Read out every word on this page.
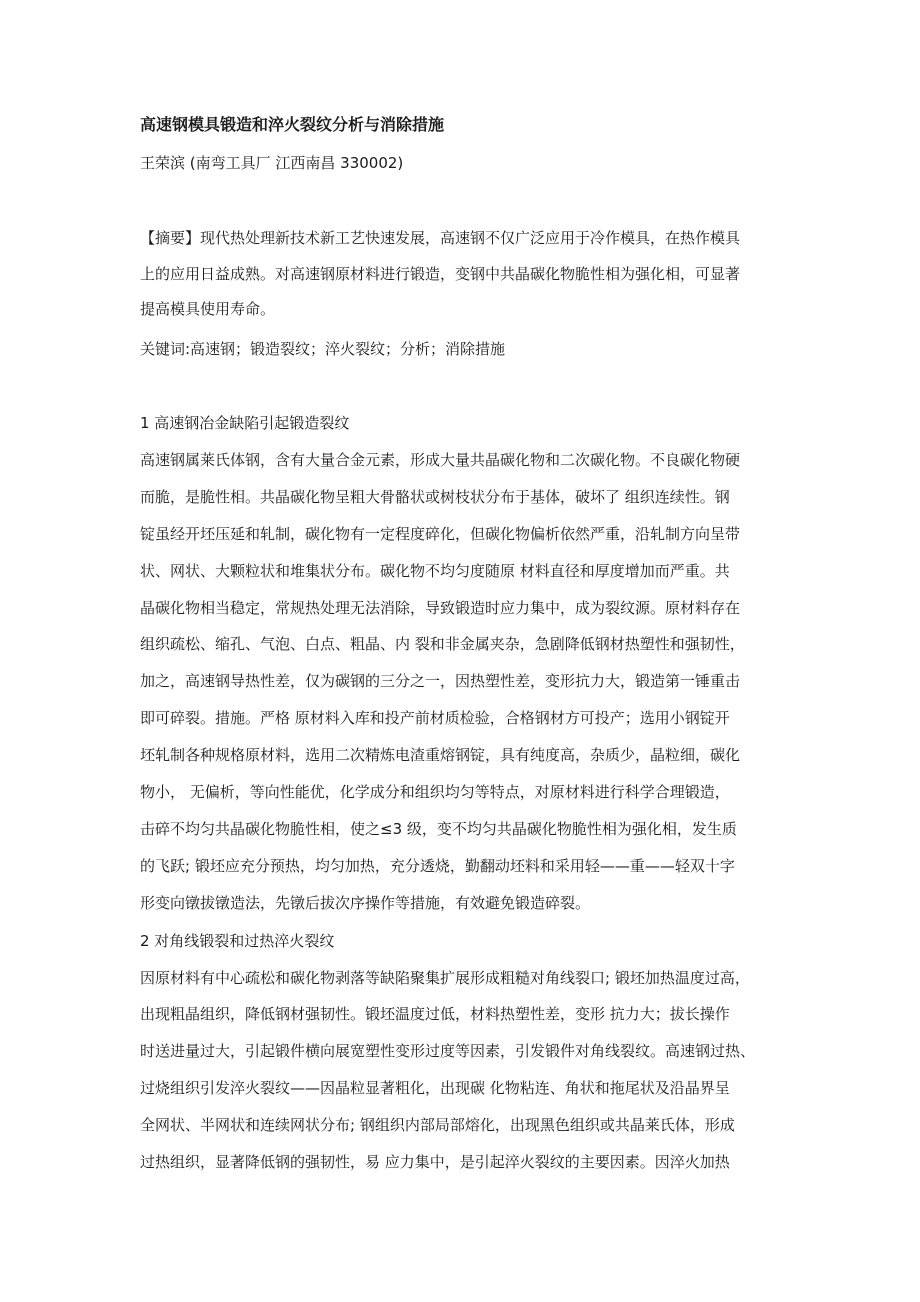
高速钢模具锻造和淬火裂纹分析与消除措施
王荣滨 (南弯工具厂 江西南昌 330002)
【摘要】现代热处理新技术新工艺快速发展，高速钢不仅广泛应用于冷作模具，在热作模具
上的应用日益成熟。对高速钢原材料进行锻造，变钢中共晶碳化物脆性相为强化相，可显著
提高模具使用寿命。
关键词:高速钢；锻造裂纹；淬火裂纹；分析；消除措施
1 高速钢冶金缺陷引起锻造裂纹
高速钢属莱氏体钢，含有大量合金元素，形成大量共晶碳化物和二次碳化物。不良碳化物硬
而脆，是脆性相。共晶碳化物呈粗大骨骼状或树枝状分布于基体，破坏了 组织连续性。钢
锭虽经开坯压延和轧制，碳化物有一定程度碎化，但碳化物偏析依然严重，沿轧制方向呈带
状、网状、大颗粒状和堆集状分布。碳化物不均匀度随原 材料直径和厚度增加而严重。共
晶碳化物相当稳定，常规热处理无法消除，导致锻造时应力集中，成为裂纹源。原材料存在
组织疏松、缩孔、气泡、白点、粗晶、内 裂和非金属夹杂，急剧降低钢材热塑性和强韧性，
加之，高速钢导热性差，仅为碳钢的三分之一，因热塑性差，变形抗力大，锻造第一锤重击
即可碎裂。措施。严格 原材料入库和投产前材质检验，合格钢材方可投产；选用小钢锭开
坯轧制各种规格原材料，选用二次精炼电渣重熔钢锭，具有纯度高，杂质少，晶粒细，碳化
物小， 无偏析，等向性能优，化学成分和组织均匀等特点，对原材料进行科学合理锻造，
击碎不均匀共晶碳化物脆性相，使之≤3 级，变不均匀共晶碳化物脆性相为强化相，发生质
的飞跃; 锻坯应充分预热，均匀加热，充分透烧，勤翻动坯料和采用轻——重——轻双十字
形变向镦拔镦造法，先镦后拔次序操作等措施，有效避免锻造碎裂。
2 对角线锻裂和过热淬火裂纹
因原材料有中心疏松和碳化物剥落等缺陷聚集扩展形成粗糙对角线裂口; 锻坯加热温度过高，
出现粗晶组织，降低钢材强韧性。锻坯温度过低，材料热塑性差，变形 抗力大；拔长操作
时送进量过大，引起锻件横向展宽塑性变形过度等因素，引发锻件对角线裂纹。高速钢过热、
过烧组织引发淬火裂纹——因晶粒显著粗化，出现碳 化物粘连、角状和拖尾状及沿晶界呈
全网状、半网状和连续网状分布; 钢组织内部局部熔化，出现黑色组织或共晶莱氏体，形成
过热组织，显著降低钢的强韧性，易 应力集中，是引起淬火裂纹的主要因素。因淬火加热
